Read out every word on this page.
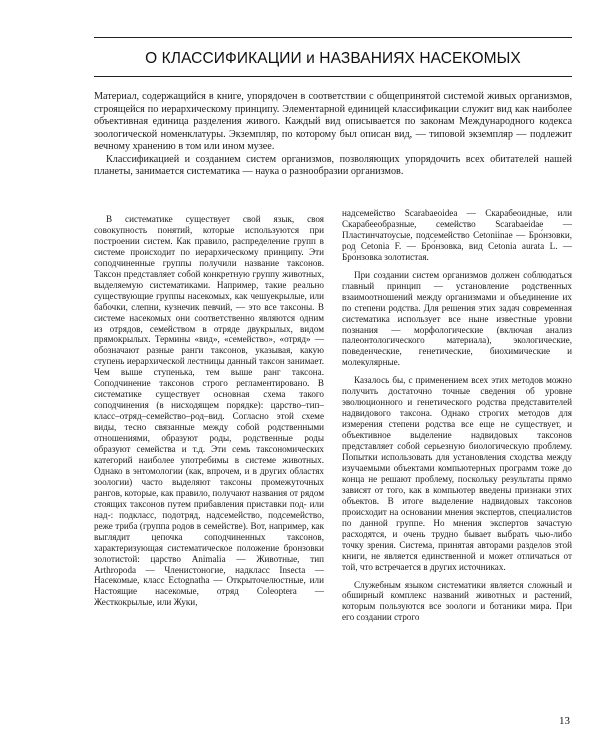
О КЛАССИФИКАЦИИ и НАЗВАНИЯХ НАСЕКОМЫХ

Материал, содержащийся в книге, упорядочен в соответствии с общепринятой системой живых организмов, строящейся по иерархическому принципу. Элементарной единицей классификации служит вид как наиболее объективная единица разделения живого. Каждый вид описывается по законам Международного кодекса зоологической номенклатуры. Экземпляр, по которому был описан вид, — типовой экземпляр — подлежит вечному хранению в том или ином музее.

Классификацией и созданием систем организмов, позволяющих упорядочить всех обитателей нашей планеты, занимается систематика — наука о разнообразии организмов.

В систематике существует свой язык, своя совокупность понятий, которые используются при построении систем. Как правило, распределение групп в системе происходит по иерархическому принципу. Эти соподчиненные группы получили название таксонов. Таксон представляет собой конкретную группу животных, выделяемую систематиками. Например, такие реально существующие группы насекомых, как чешуекрылые, или бабочки, слепни, кузнечик певчий, — это все таксоны. В системе насекомых они соответственно являются одним из отрядов, семейством в отряде двукрылых, видом прямокрылых. Термины «вид», «семейство», «отряд» — обозначают разные ранги таксонов, указывая, какую ступень иерархической лестницы данный таксон занимает. Чем выше ступенька, тем выше ранг таксона. Соподчинение таксонов строго регламентировано. В систематике существует основная схема такого соподчинения (в нисходящем порядке): царство–тип–класс–отряд–семейство–род–вид. Согласно этой схеме виды, тесно связанные между собой родственными отношениями, образуют роды, родственные роды образуют семейства и т.д. Эти семь таксономических категорий наиболее употребимы в системе животных. Однако в энтомологии (как, впрочем, и в других областях зоологии) часто выделяют таксоны промежуточных рангов, которые, как правило, получают названия от рядом стоящих таксонов путем прибавления приставки под- или над-: подкласс, подотряд, надсемейство, подсемейство, реже триба (группа родов в семействе). Вот, например, как выглядит цепочка соподчиненных таксонов, характеризующая систематическое положение бронзовки золотистой: царство Animalia — Животные, тип Arthropoda — Членистоногие, надкласс Insecta — Насекомые, класс Ectognatha — Открыточелюстные, или Настоящие насекомые, отряд Coleoptera — Жесткокрылые, или Жуки,

надсемейство Scarabaeoidea — Скарабеоидные, или Скарабееобразные, семейство Scarabaeidae — Пластинчатоусые, подсемейство Cetoniinae — Бро́нзовки, род Cetonia F. — Бро́нзовка, вид Cetonia aurata L. — Бро́нзовка золотистая.

При создании систем организмов должен соблюдаться главный принцип — установление родственных взаимоотношений между организмами и объединение их по степени родства. Для решения этих задач современная систематика использует все ныне известные уровни познания — морфологические (включая анализ палеонтологического материала), экологические, поведенческие, генетические, биохимические и молекулярные.

Казалось бы, с применением всех этих методов можно получить достаточно точные сведения об уровне эволюционного и генетического родства представителей надвидового таксона. Однако строгих методов для измерения степени родства все еще не существует, и объективное выделение надвидовых таксонов представляет собой серьезную биологическую проблему. Попытки использовать для установления сходства между изучаемыми объектами компьютерных программ тоже до конца не решают проблему, поскольку результаты прямо зависят от того, как в компьютер введены признаки этих объектов. В итоге выделение надвидовых таксонов происходит на основании мнения экспертов, специалистов по данной группе. Но мнения экспертов зачастую расходятся, и очень трудно бывает выбрать чью-либо точку зрения. Система, принятая авторами разделов этой книги, не является единственной и может отличаться от той, что встречается в других источниках.

Служебным языком систематики является сложный и обширный комплекс названий животных и растений, которым пользуются все зоологи и ботаники мира. При его создании строго

13
